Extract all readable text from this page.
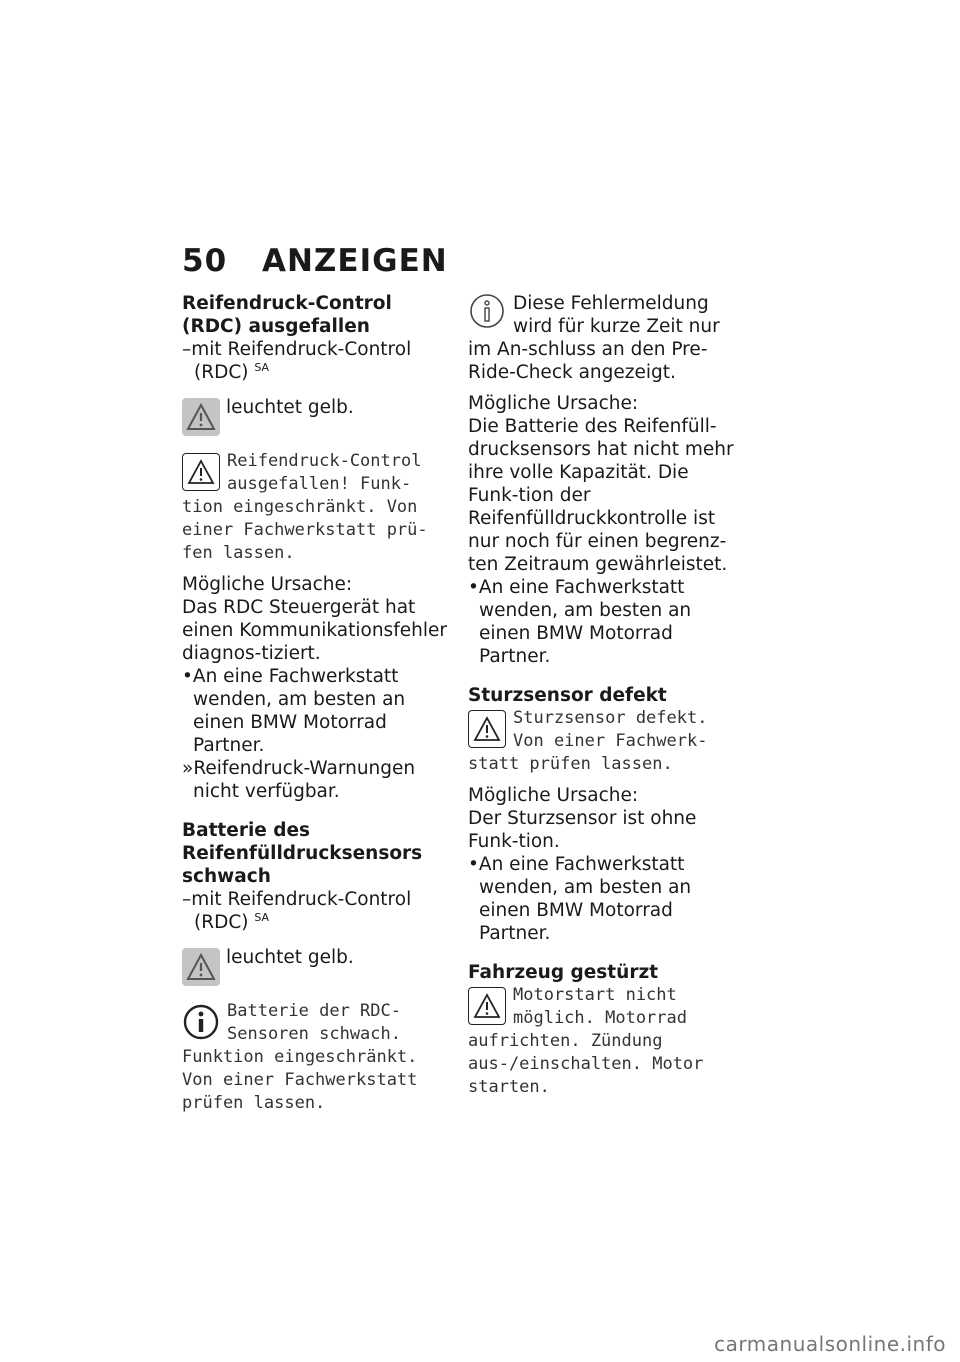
50 ANZEIGEN
Reifendruck-Control (RDC) ausgefallen

–mit Reifendruck-Control (RDC) $^{SA}$

leuchtet gelb.
Reifendruck-Control ausgefallen! Funk-tion eingeschränkt. Von einer Fachwerkstatt prü-fen lassen.

Mögliche Ursache:

Das RDC Steuergerät hat einen Kommunikationsfehler diagnos-tiziert.

•An eine Fachwerkstatt wenden, am besten an einen BMW Motorrad Partner.

»Reifendruck-Warnungen nicht verfügbar.

Batterie des Reifenfülldrucksensors schwach

–mit Reifendruck-Control (RDC) $^{SA}$

leuchtet gelb.
Batterie der RDC-Sensoren schwach. Funktion eingeschränkt. Von einer Fachwerkstatt prüfen lassen.
Diese Fehlermeldung wird für kurze Zeit nur im An-schluss an den Pre-Ride-Check angezeigt.

Mögliche Ursache:

Die Batterie des Reifenfüll-drucksensors hat nicht mehr ihre volle Kapazität. Die Funk-tion der Reifenfülldruckkontrolle ist nur noch für einen begrenz-ten Zeitraum gewährleistet.

•An eine Fachwerkstatt wenden, am besten an einen BMW Motorrad Partner.

Sturzsensor defekt
Sturzsensor defekt. Von einer Fachwerk-statt prüfen lassen.

Mögliche Ursache:

Der Sturzsensor ist ohne Funk-tion.

•An eine Fachwerkstatt wenden, am besten an einen BMW Motorrad Partner.

Fahrzeug gestürzt
Motorstart nicht möglich. Motorrad aufrichten. Zündung aus-/einschalten. Motor starten.
carmanualsonline.info
